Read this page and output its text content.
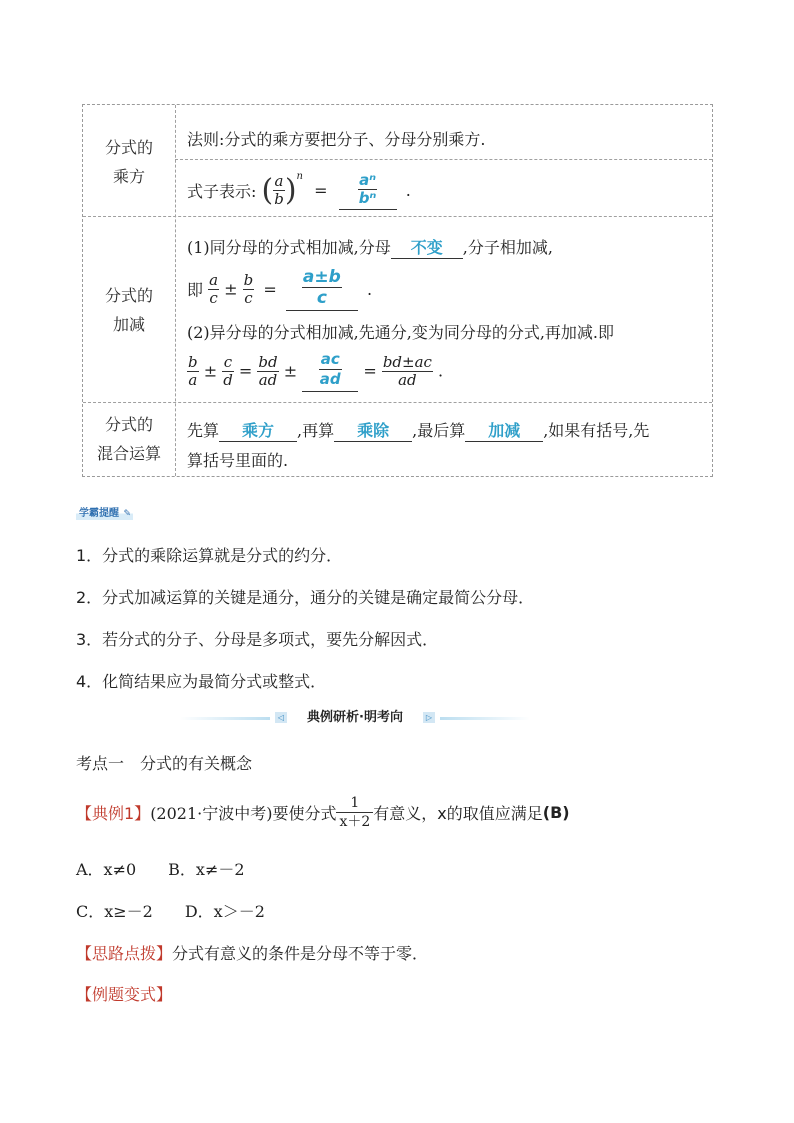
分式的
乘方
法则:分式的乘方要把分子、分母分别乘方.
式子表示: ( $\frac{a}{b} )^n = \frac{\text{aⁿ}}{\text{bⁿ}}$ .
分式的
加减
(1)同分母的分式相加减,分母 不变 ,分子相加减,
即 $\frac{a}{c} \pm \frac{b}{c} = \frac{a\pm b}{c}$ .
(2)异分母的分式相加减,先通分,变为同分母的分式,再加减.即
$\frac{b}{a} \pm \frac{c}{d} = \frac{bd}{ad} \pm \frac{ac}{ad} = \frac{bd\pm ac}{ad}$ .
分式的
混合运算
先算 乘方 ,再算 乘除 ,最后算 加减 ,如果有括号,先
算括号里面的.
学霸提醒 ✎
1．分式的乘除运算就是分式的约分．
2．分式加减运算的关键是通分，通分的关键是确定最简公分母．
3．若分式的分子、分母是多项式，要先分解因式．
4．化简结果应为最简分式或整式．
◁	典例研析·明考向	▷
考点一　分式的有关概念
【典例1】(2021·宁波中考)要使分式 $\frac{1}{x+2}$ 有意义，x的取值应满足(B)
A．x≠0　　B．x≠－2
C．x≥－2　　D．x＞－2
【思路点拨】分式有意义的条件是分母不等于零．
【例题变式】
